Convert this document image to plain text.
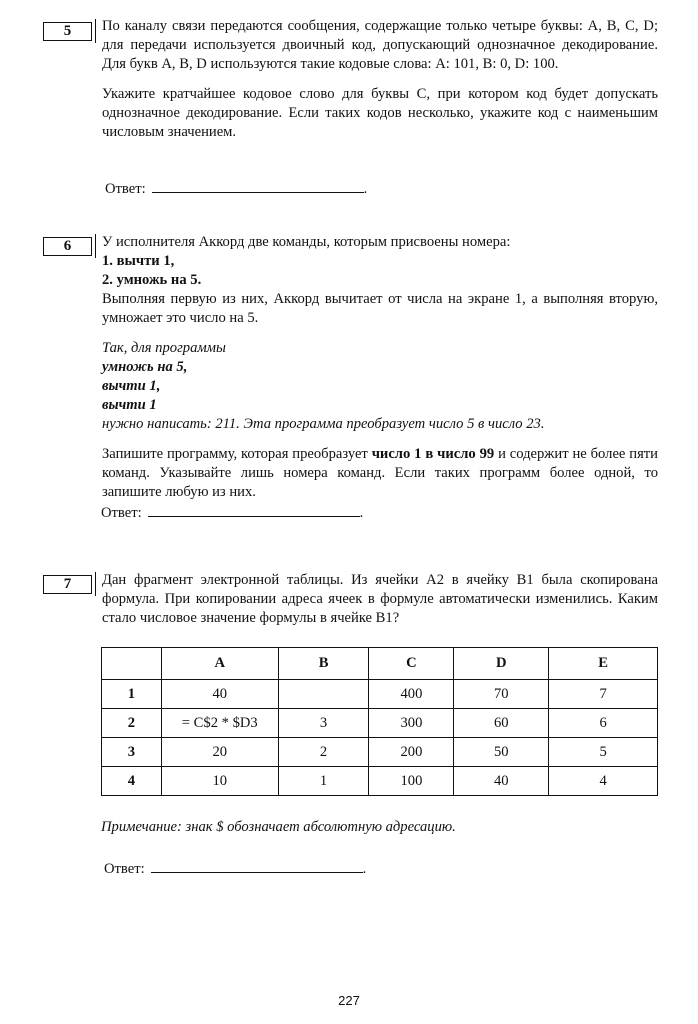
5	По каналу связи передаются сообщения, содержащие только четыре буквы: A, B, C, D; для передачи используется двоичный код, допускающий однозначное декодирование. Для букв A, B, D используются такие кодовые слова: A: 101, B: 0, D: 100.

Укажите кратчайшее кодовое слово для буквы C, при котором код будет допускать однозначное декодирование. Если таких кодов несколько, укажите код с наименьшим числовым значением.

Ответ:	.
6	У исполнителя Аккорд две команды, которым присвоены номера:

1. вычти 1,

2. умножь на 5.

Выполняя первую из них, Аккорд вычитает от числа на экране 1, а выполняя вторую, умножает это число на 5.

Так, для программы

умножь на 5,

вычти 1,

вычти 1

нужно написать: 211. Эта программа преобразует число 5 в число 23.

Запишите программу, которая преобразует число 1 в число 99 и содержит не более пяти команд. Указывайте лишь номера команд. Если таких программ более одной, то запишите любую из них.

Ответ:	.
7	Дан фрагмент электронной таблицы. Из ячейки A2 в ячейку B1 была скопирована формула. При копировании адреса ячеек в формуле автоматически изменились. Каким стало числовое значение формулы в ячейке B1?

	A	B	C	D	E
1	40		400	70	7
2	= C$2 * $D3	3	300	60	6
3	20	2	200	50	5
4	10	1	100	40	4
Примечание: знак $ обозначает абсолютную адресацию.
Ответ:	.
227
